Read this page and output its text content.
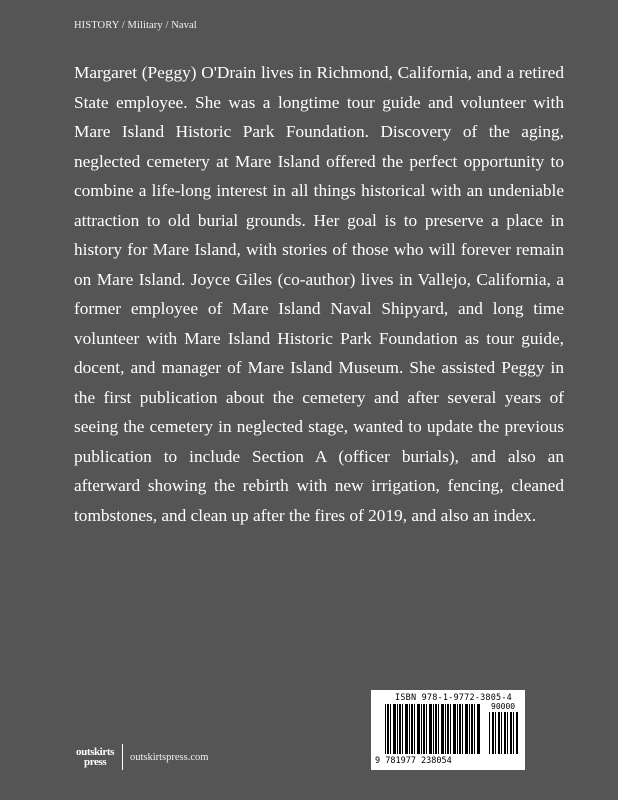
HISTORY / Military / Naval

Margaret (Peggy) O'Drain lives in Richmond, California, and a retired State employee. She was a longtime tour guide and volunteer with Mare Island Historic Park Foundation. Discovery of the aging, neglected cemetery at Mare Island offered the perfect opportunity to combine a life-long interest in all things historical with an undeniable attraction to old burial grounds. Her goal is to preserve a place in history for Mare Island, with stories of those who will forever remain on Mare Island. Joyce Giles (co-author) lives in Vallejo, California, a former employee of Mare Island Naval Shipyard, and long time volunteer with Mare Island Historic Park Foundation as tour guide, docent, and manager of Mare Island Museum. She assisted Peggy in the first publication about the cemetery and after several years of seeing the cemetery in neglected stage, wanted to update the previous publication to include Section A (officer burials), and also an afterward showing the rebirth with new irrigation, fencing, cleaned tombstones, and clean up after the fires of 2019, and also an index.

ISBN 978-1-9772-3805-4
90000
9 781977 238054
outskirts
press	outskirtspress.com
